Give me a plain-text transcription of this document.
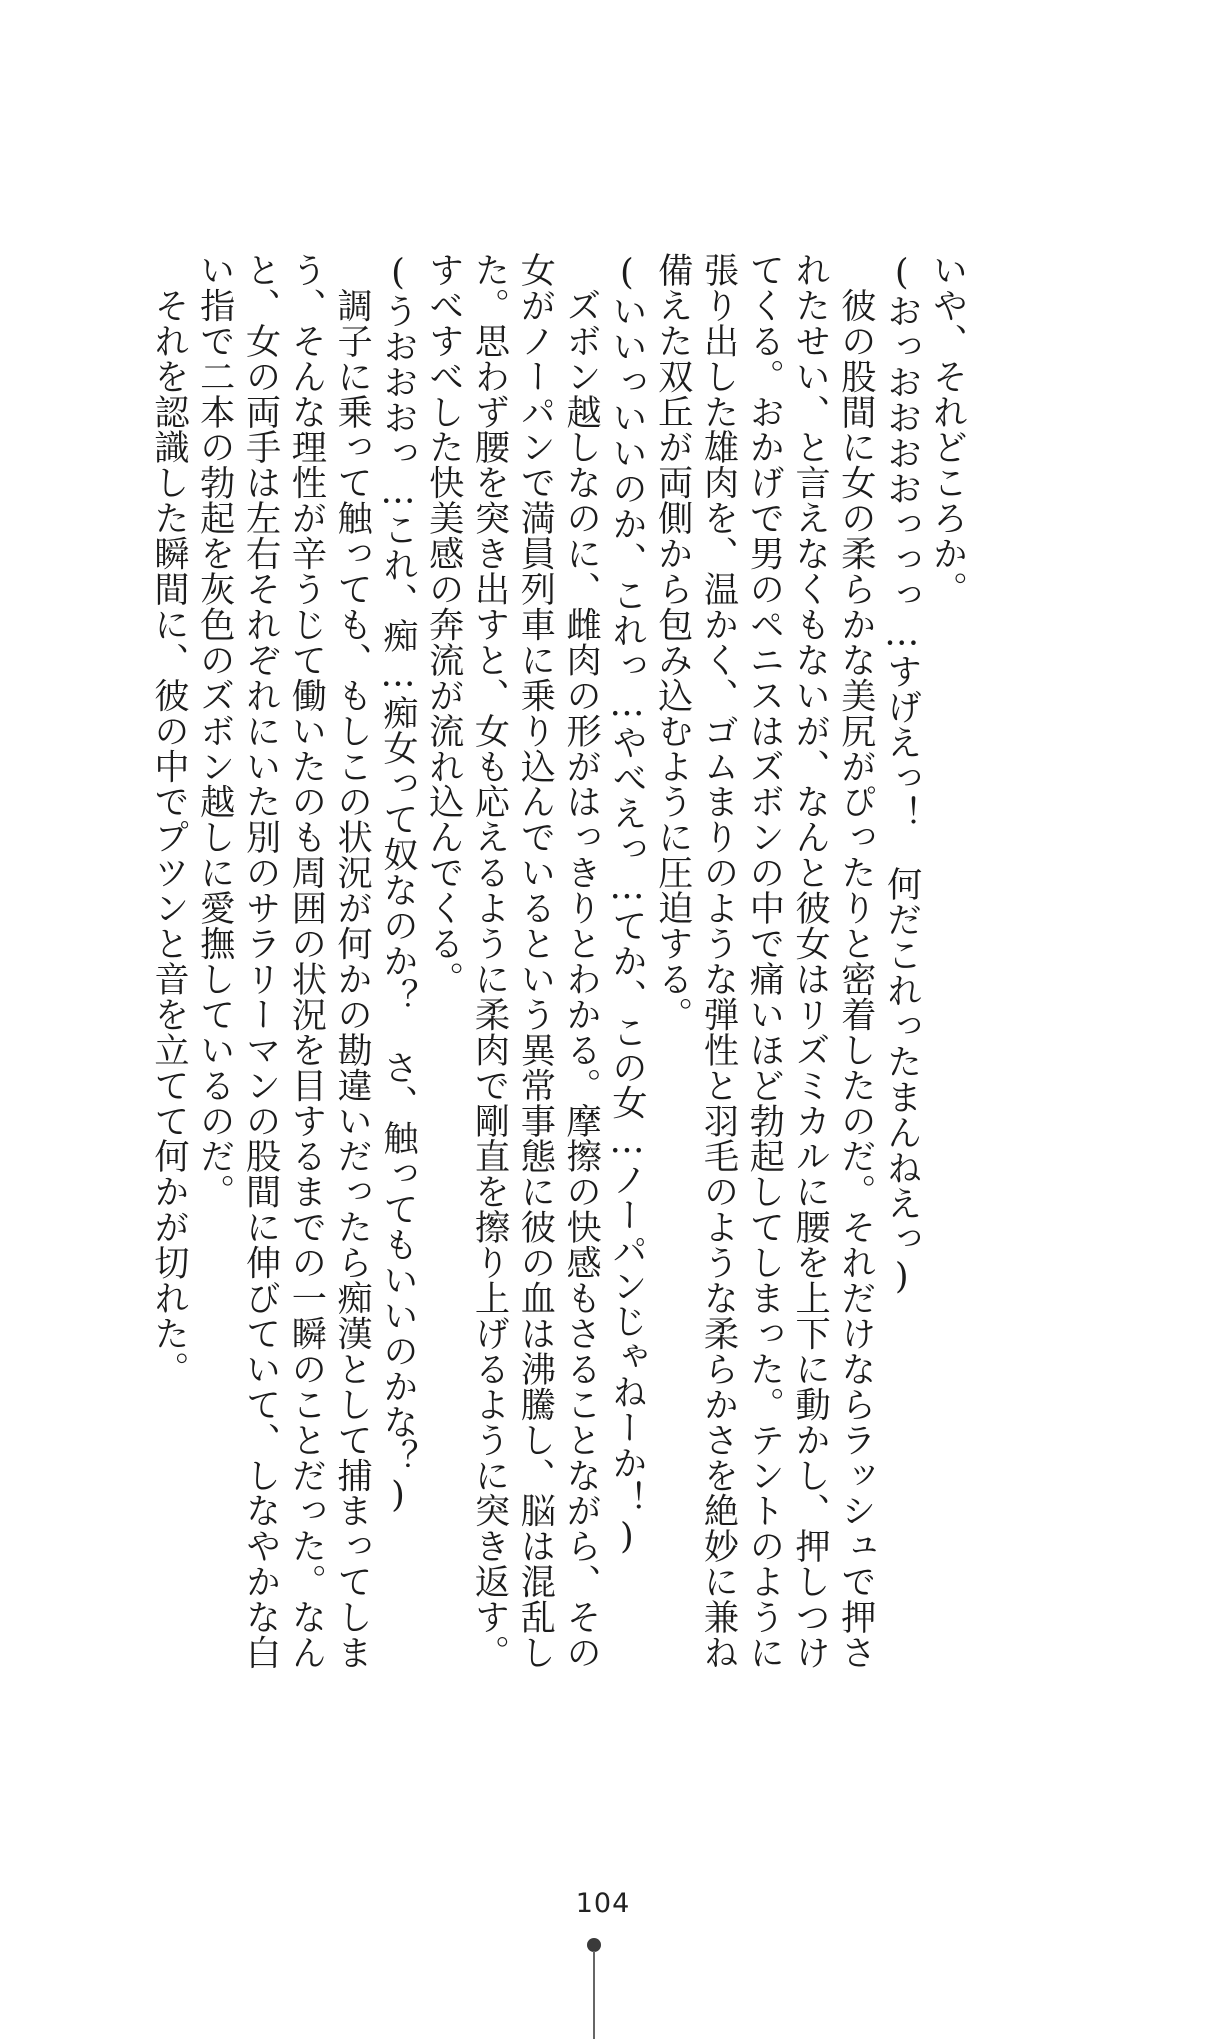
いや、それどころか。
(おっおおおおっっっ…すげえっ！　何だこれったまんねえっ)
　彼の股間に女の柔らかな美尻がぴったりと密着したのだ。それだけならラッシュで押さ
れたせい、と言えなくもないが、なんと彼女はリズミカルに腰を上下に動かし、押しつけ
てくる。おかげで男のペニスはズボンの中で痛いほど勃起してしまった。テントのように
張り出した雄肉を、温かく、ゴムまりのような弾性と羽毛のような柔らかさを絶妙に兼ね
備えた双丘が両側から包み込むように圧迫する。
(いいっいいのか、これっ…やべえっ…てか、この女…ノーパンじゃねーか！)
　ズボン越しなのに、雌肉の形がはっきりとわかる。摩擦の快感もさることながら、その
女がノーパンで満員列車に乗り込んでいるという異常事態に彼の血は沸騰し、脳は混乱し
た。思わず腰を突き出すと、女も応えるように柔肉で剛直を擦り上げるように突き返す。
すべすべした快美感の奔流が流れ込んでくる。
(うおおおっ…これ、痴…痴女って奴なのか？　さ、触ってもいいのかな？)
　調子に乗って触っても、もしこの状況が何かの勘違いだったら痴漢として捕まってしま
う、そんな理性が辛うじて働いたのも周囲の状況を目するまでの一瞬のことだった。なん
と、女の両手は左右それぞれにいた別のサラリーマンの股間に伸びていて、しなやかな白
い指で二本の勃起を灰色のズボン越しに愛撫しているのだ。
　それを認識した瞬間に、彼の中でプツンと音を立てて何かが切れた。
104
